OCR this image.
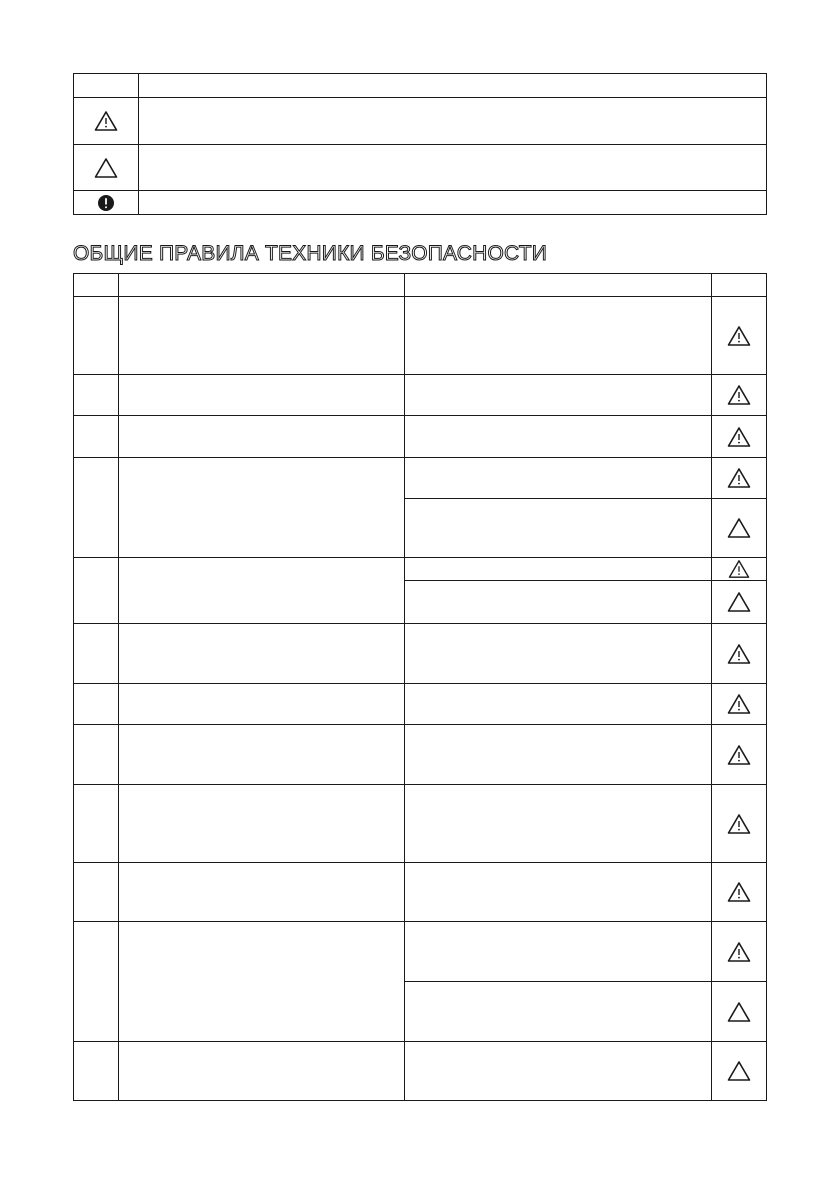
ОБЩИЕ ПРАВИЛА ТЕХНИКИ БЕЗОПАСНОСТИ
